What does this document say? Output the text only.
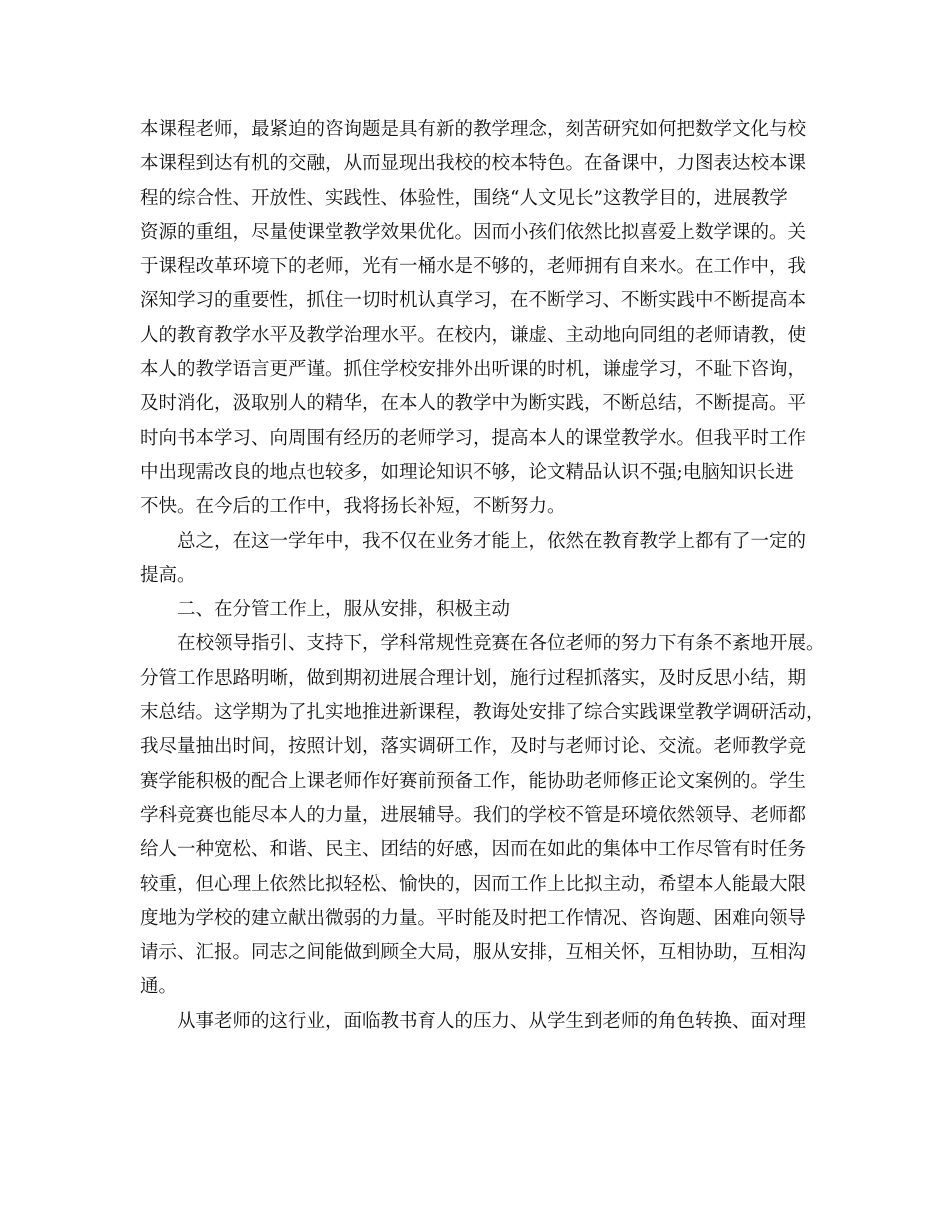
本课程老师，最紧迫的咨询题是具有新的教学理念，刻苦研究如何把数学文化与校
本课程到达有机的交融，从而显现出我校的校本特色。在备课中，力图表达校本课
程的综合性、开放性、实践性、体验性，围绕“人文见长”这教学目的，进展教学
资源的重组，尽量使课堂教学效果优化。因而小孩们依然比拟喜爱上数学课的。关
于课程改革环境下的老师，光有一桶水是不够的，老师拥有自来水。在工作中，我
深知学习的重要性，抓住一切时机认真学习，在不断学习、不断实践中不断提高本
人的教育教学水平及教学治理水平。在校内，谦虚、主动地向同组的老师请教，使
本人的教学语言更严谨。抓住学校安排外出听课的时机，谦虚学习，不耻下咨询，
及时消化，汲取别人的精华，在本人的教学中为断实践，不断总结，不断提高。平
时向书本学习、向周围有经历的老师学习，提高本人的课堂教学水。但我平时工作
中出现需改良的地点也较多，如理论知识不够，论文精品认识不强;电脑知识长进
不快。在今后的工作中，我将扬长补短，不断努力。
总之，在这一学年中，我不仅在业务才能上，依然在教育教学上都有了一定的
提高。
二、在分管工作上，服从安排，积极主动
在校领导指引、支持下，学科常规性竞赛在各位老师的努力下有条不紊地开展。
分管工作思路明晰，做到期初进展合理计划，施行过程抓落实，及时反思小结，期
末总结。这学期为了扎实地推进新课程，教诲处安排了综合实践课堂教学调研活动，
我尽量抽出时间，按照计划，落实调研工作，及时与老师讨论、交流。老师教学竞
赛学能积极的配合上课老师作好赛前预备工作，能协助老师修正论文案例的。学生
学科竞赛也能尽本人的力量，进展辅导。我们的学校不管是环境依然领导、老师都
给人一种宽松、和谐、民主、团结的好感，因而在如此的集体中工作尽管有时任务
较重，但心理上依然比拟轻松、愉快的，因而工作上比拟主动，希望本人能最大限
度地为学校的建立献出微弱的力量。平时能及时把工作情况、咨询题、困难向领导
请示、汇报。同志之间能做到顾全大局，服从安排，互相关怀，互相协助，互相沟
通。
从事老师的这行业，面临教书育人的压力、从学生到老师的角色转换、面对理
